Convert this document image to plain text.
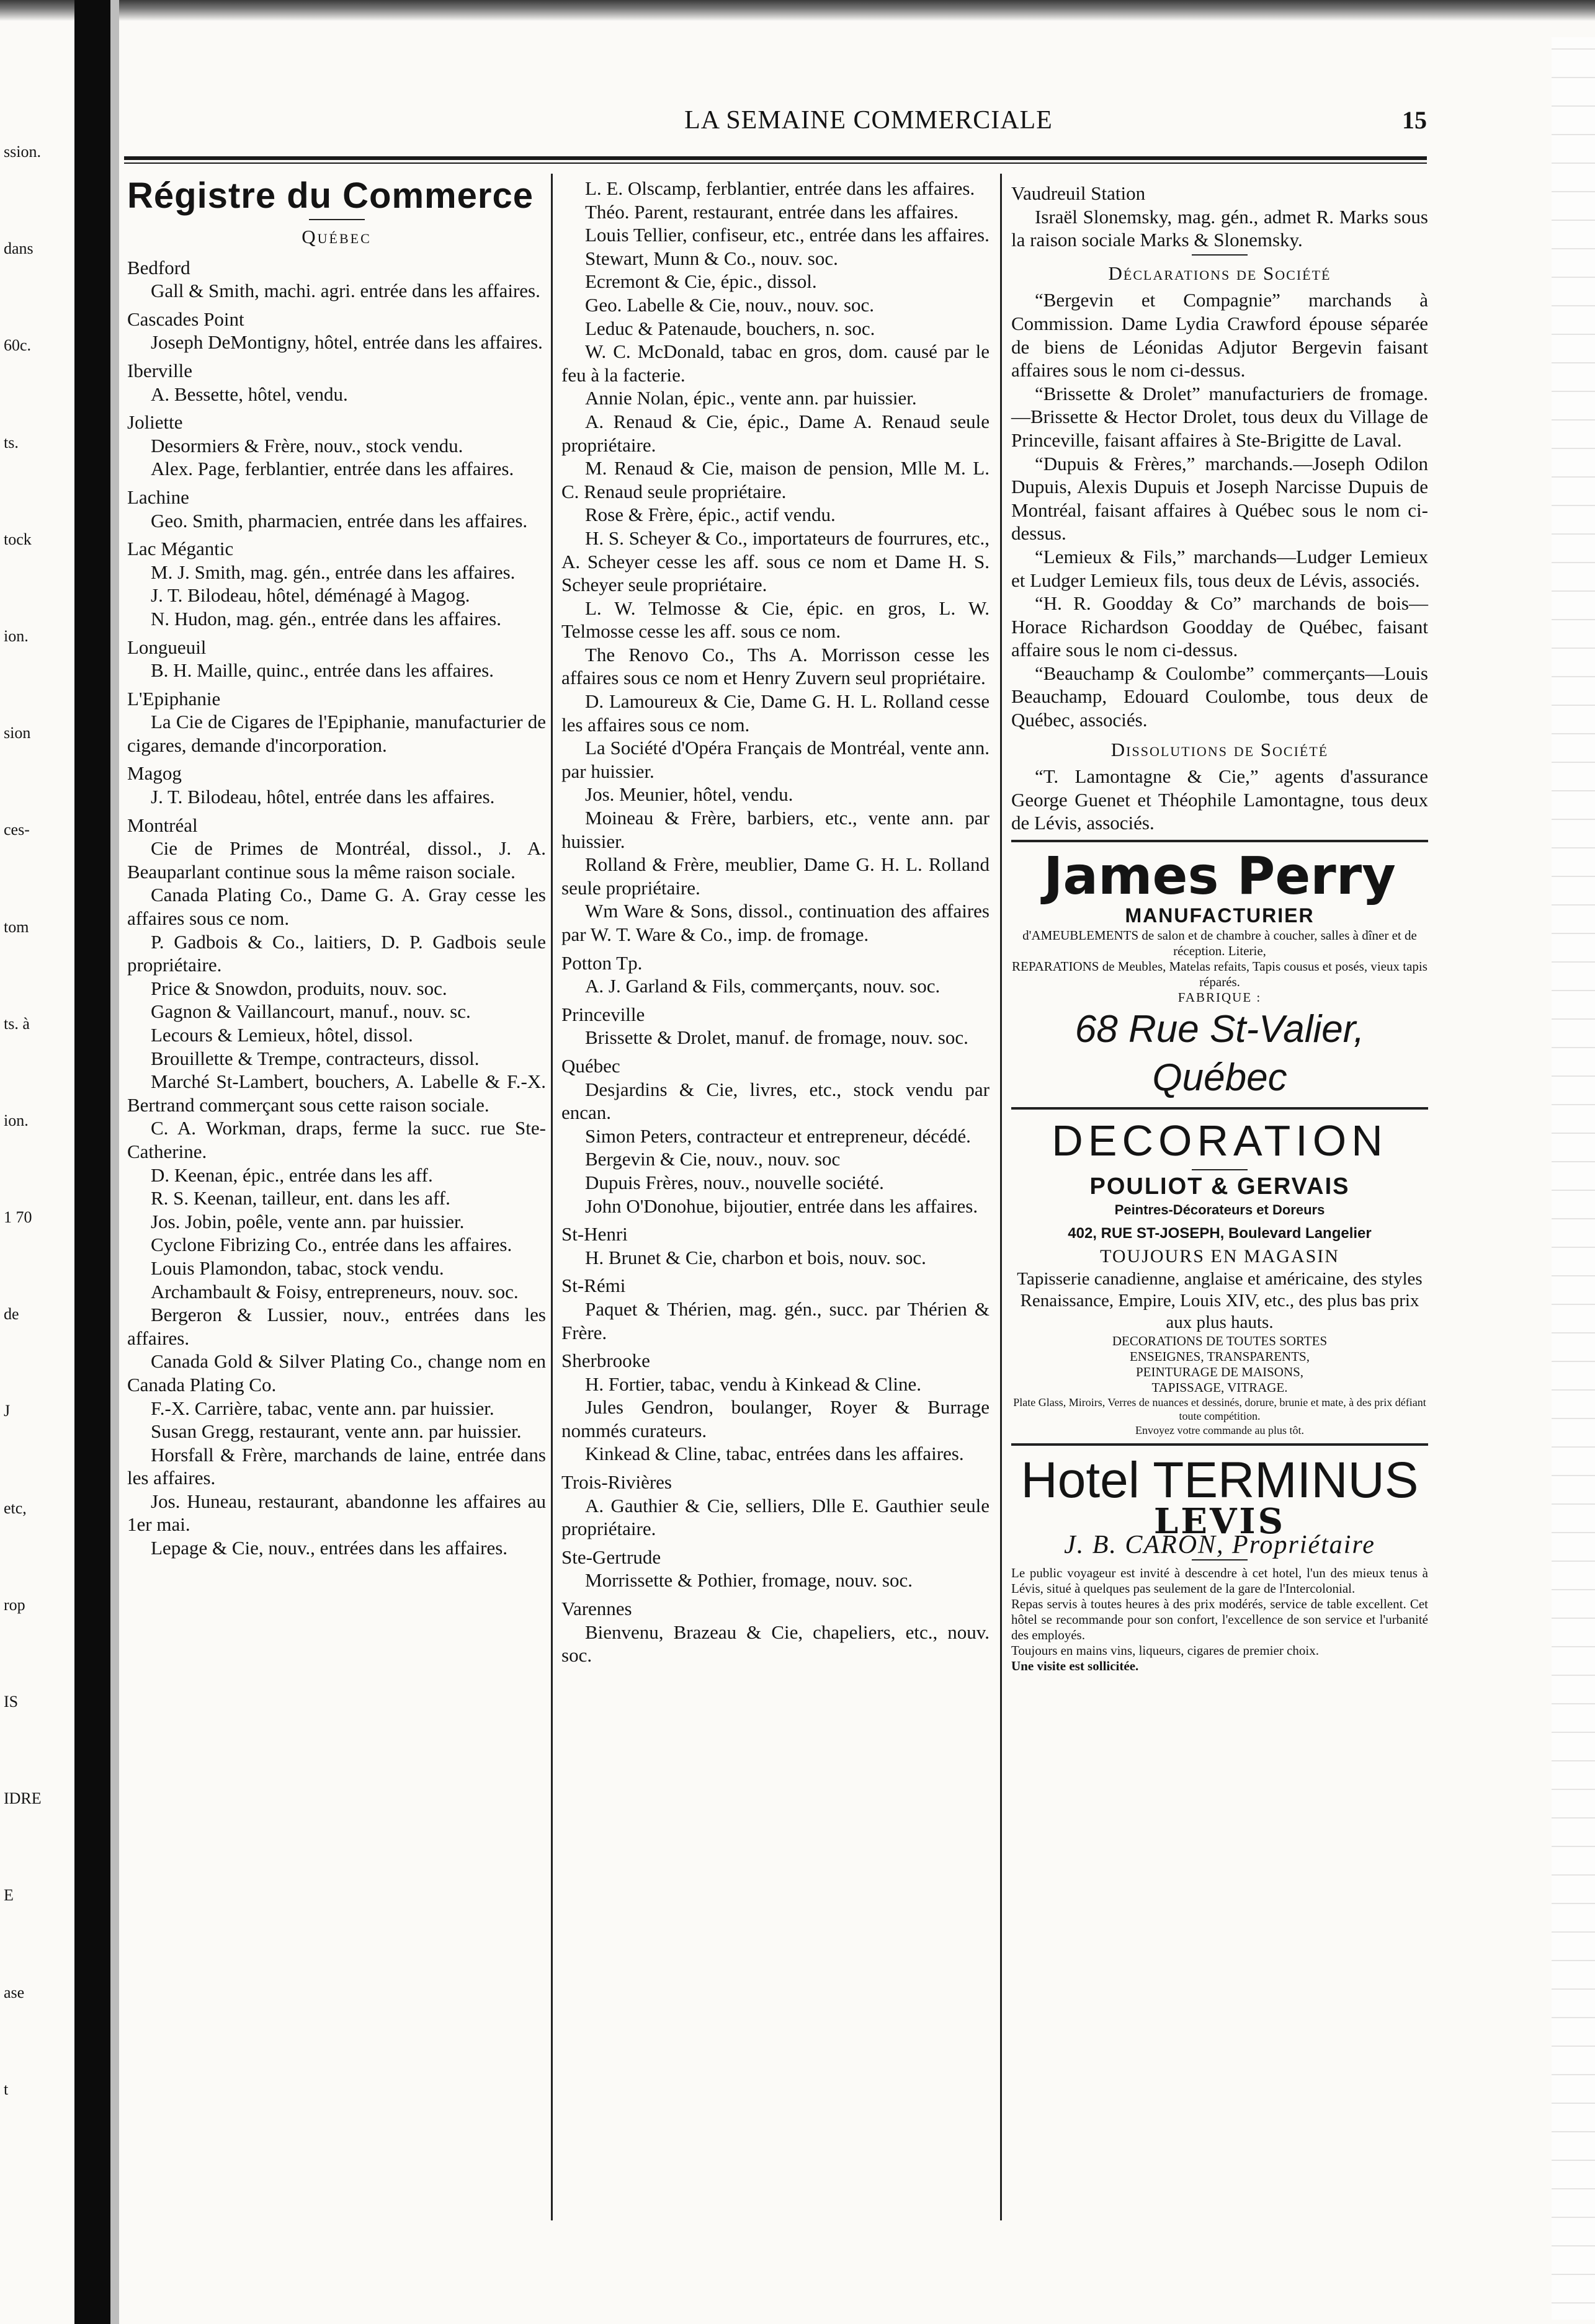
ssion.
dans
60c.
ts.
tock
ion.
sion
ces-
tom
ts. à
ion.
1 70
de
J
etc,
rop
IS
IDRE
E
ase
t
LA SEMAINE COMMERCIALE	15
Régistre du Commerce
Québec
Bedford
Gall & Smith, machi. agri. entrée dans les affaires.
Cascades Point
Joseph DeMontigny, hôtel, entrée dans les affaires.
Iberville
A. Bessette, hôtel, vendu.
Joliette
Desormiers & Frère, nouv., stock vendu.
Alex. Page, ferblantier, entrée dans les affaires.
Lachine
Geo. Smith, pharmacien, entrée dans les affaires.
Lac Mégantic
M. J. Smith, mag. gén., entrée dans les affaires.
J. T. Bilodeau, hôtel, déménagé à Magog.
N. Hudon, mag. gén., entrée dans les affaires.
Longueuil
B. H. Maille, quinc., entrée dans les affaires.
L'Epiphanie
La Cie de Cigares de l'Epiphanie, manufacturier de cigares, demande d'incorporation.
Magog
J. T. Bilodeau, hôtel, entrée dans les affaires.
Montréal
Cie de Primes de Montréal, dissol., J. A. Beauparlant continue sous la même raison sociale.
Canada Plating Co., Dame G. A. Gray cesse les affaires sous ce nom.
P. Gadbois & Co., laitiers, D. P. Gadbois seule propriétaire.
Price & Snowdon, produits, nouv. soc.
Gagnon & Vaillancourt, manuf., nouv. sc.
Lecours & Lemieux, hôtel, dissol.
Brouillette & Trempe, contracteurs, dissol.
Marché St-Lambert, bouchers, A. Labelle & F.-X. Bertrand commerçant sous cette raison sociale.
C. A. Workman, draps, ferme la succ. rue Ste-Catherine.
D. Keenan, épic., entrée dans les aff.
R. S. Keenan, tailleur, ent. dans les aff.
Jos. Jobin, poêle, vente ann. par huissier.
Cyclone Fibrizing Co., entrée dans les affaires.
Louis Plamondon, tabac, stock vendu.
Archambault & Foisy, entrepreneurs, nouv. soc.
Bergeron & Lussier, nouv., entrées dans les affaires.
Canada Gold & Silver Plating Co., change nom en Canada Plating Co.
F.-X. Carrière, tabac, vente ann. par huissier.
Susan Gregg, restaurant, vente ann. par huissier.
Horsfall & Frère, marchands de laine, entrée dans les affaires.
Jos. Huneau, restaurant, abandonne les affaires au 1er mai.
Lepage & Cie, nouv., entrées dans les affaires.
L. E. Olscamp, ferblantier, entrée dans les affaires.
Théo. Parent, restaurant, entrée dans les affaires.
Louis Tellier, confiseur, etc., entrée dans les affaires.
Stewart, Munn & Co., nouv. soc.
Ecremont & Cie, épic., dissol.
Geo. Labelle & Cie, nouv., nouv. soc.
Leduc & Patenaude, bouchers, n. soc.
W. C. McDonald, tabac en gros, dom. causé par le feu à la facterie.
Annie Nolan, épic., vente ann. par huissier.
A. Renaud & Cie, épic., Dame A. Renaud seule propriétaire.
M. Renaud & Cie, maison de pension, Mlle M. L. C. Renaud seule propriétaire.
Rose & Frère, épic., actif vendu.
H. S. Scheyer & Co., importateurs de fourrures, etc., A. Scheyer cesse les aff. sous ce nom et Dame H. S. Scheyer seule propriétaire.
L. W. Telmosse & Cie, épic. en gros, L. W. Telmosse cesse les aff. sous ce nom.
The Renovo Co., Ths A. Morrisson cesse les affaires sous ce nom et Henry Zuvern seul propriétaire.
D. Lamoureux & Cie, Dame G. H. L. Rolland cesse les affaires sous ce nom.
La Société d'Opéra Français de Montréal, vente ann. par huissier.
Jos. Meunier, hôtel, vendu.
Moineau & Frère, barbiers, etc., vente ann. par huissier.
Rolland & Frère, meublier, Dame G. H. L. Rolland seule propriétaire.
Wm Ware & Sons, dissol., continuation des affaires par W. T. Ware & Co., imp. de fromage.
Potton Tp.
A. J. Garland & Fils, commerçants, nouv. soc.
Princeville
Brissette & Drolet, manuf. de fromage, nouv. soc.
Québec
Desjardins & Cie, livres, etc., stock vendu par encan.
Simon Peters, contracteur et entrepreneur, décédé.
Bergevin & Cie, nouv., nouv. soc
Dupuis Frères, nouv., nouvelle société.
John O'Donohue, bijoutier, entrée dans les affaires.
St-Henri
H. Brunet & Cie, charbon et bois, nouv. soc.
St-Rémi
Paquet & Thérien, mag. gén., succ. par Thérien & Frère.
Sherbrooke
H. Fortier, tabac, vendu à Kinkead & Cline.
Jules Gendron, boulanger, Royer & Burrage nommés curateurs.
Kinkead & Cline, tabac, entrées dans les affaires.
Trois-Rivières
A. Gauthier & Cie, selliers, Dlle E. Gauthier seule propriétaire.
Ste-Gertrude
Morrissette & Pothier, fromage, nouv. soc.
Varennes
Bienvenu, Brazeau & Cie, chapeliers, etc., nouv. soc.
Vaudreuil Station
Israël Slonemsky, mag. gén., admet R. Marks sous la raison sociale Marks & Slonemsky.
Déclarations de Société
“Bergevin et Compagnie” marchands à Commission. Dame Lydia Crawford épouse séparée de biens de Léonidas Adjutor Bergevin faisant affaires sous le nom ci-dessus.
“Brissette & Drolet” manufacturiers de fromage.—Brissette & Hector Drolet, tous deux du Village de Princeville, faisant affaires à Ste-Brigitte de Laval.
“Dupuis & Frères,” marchands.—Joseph Odilon Dupuis, Alexis Dupuis et Joseph Narcisse Dupuis de Montréal, faisant affaires à Québec sous le nom ci-dessus.
“Lemieux & Fils,” marchands—Ludger Lemieux et Ludger Lemieux fils, tous deux de Lévis, associés.
“H. R. Goodday & Co” marchands de bois—Horace Richardson Goodday de Québec, faisant affaire sous le nom ci-dessus.
“Beauchamp & Coulombe” commerçants—Louis Beauchamp, Edouard Coulombe, tous deux de Québec, associés.
Dissolutions de Société
“T. Lamontagne & Cie,” agents d'assurance George Guenet et Théophile Lamontagne, tous deux de Lévis, associés.
James Perry
MANUFACTURIER
d'AMEUBLEMENTS de salon et de chambre à coucher, salles à dîner et de réception. Literie,
REPARATIONS de Meubles, Matelas refaits, Tapis cousus et posés, vieux tapis réparés.
FABRIQUE :
68 Rue St-Valier, Québec
DECORATION
POULIOT & GERVAIS
Peintres-Décorateurs et Doreurs
402, RUE ST-JOSEPH, Boulevard Langelier
TOUJOURS EN MAGASIN
Tapisserie canadienne, anglaise et américaine, des styles Renaissance, Empire, Louis XIV, etc., des plus bas prix aux plus hauts.
DECORATIONS DE TOUTES SORTES
ENSEIGNES, TRANSPARENTS,
PEINTURAGE DE MAISONS,
TAPISSAGE, VITRAGE.
Plate Glass, Miroirs, Verres de nuances et dessinés, dorure, brunie et mate, à des prix défiant toute compétition.
Envoyez votre commande au plus tôt.
Hotel TERMINUS
LEVIS
J. B. CARON, Propriétaire
Le public voyageur est invité à descendre à cet hotel, l'un des mieux tenus à Lévis, situé à quelques pas seulement de la gare de l'Intercolonial.
Repas servis à toutes heures à des prix modérés, service de table excellent. Cet hôtel se recommande pour son confort, l'excellence de son service et l'urbanité des employés.
Toujours en mains vins, liqueurs, cigares de premier choix.
Une visite est sollicitée.
